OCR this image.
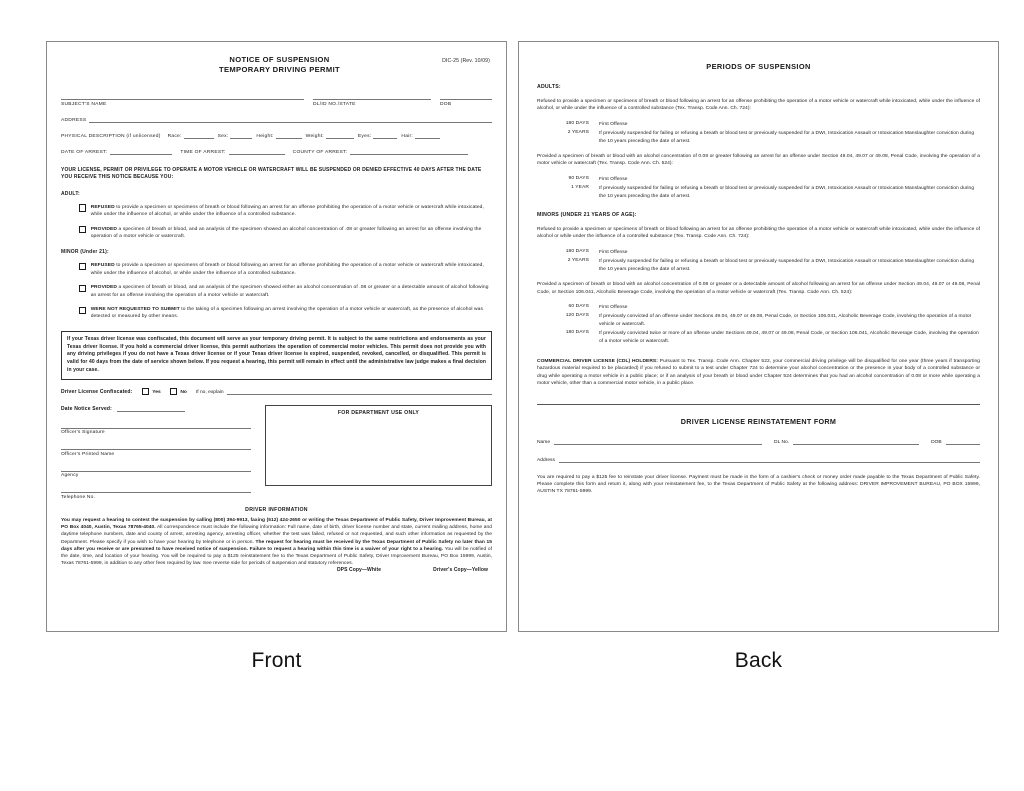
NOTICE OF SUSPENSION
TEMPORARY DRIVING PERMIT
DIC-25 (Rev. 10/09)
SUBJECT'S NAME	DL/ID NO./STATE	DOB
ADDRESS
PHYSICAL DESCRIPTION (if unlicensed) Race:	Sex:	Height:	Weight:	Eyes:	Hair:
DATE OF ARREST:	TIME OF ARREST:	COUNTY OF ARREST:
YOUR LICENSE, PERMIT OR PRIVILEGE TO OPERATE A MOTOR VEHICLE OR WATERCRAFT WILL BE SUSPENDED OR DENIED EFFECTIVE 40 DAYS AFTER THE DATE YOU RECEIVE THIS NOTICE BECAUSE YOU:
ADULT:
REFUSED to provide a specimen or specimens of breath or blood following an arrest for an offense prohibiting the operation of a motor vehicle or watercraft while intoxicated, while under the influence of alcohol, or while under the influence of a controlled substance.
PROVIDED a specimen of breath or blood, and an analysis of the specimen showed an alcohol concentration of .08 or greater following an arrest for an offense involving the operation of a motor vehicle or watercraft.
MINOR (Under 21):
REFUSED to provide a specimen or specimens of breath or blood following an arrest for an offense prohibiting the operation of a motor vehicle or watercraft while intoxicated, while under the influence of alcohol, or while under the influence of a controlled substance.
PROVIDED a specimen of breath or blood, and an analysis of the specimen showed either an alcohol concentration of .08 or greater or a detectable amount of alcohol following an arrest for an offense involving the operation of a motor vehicle or watercraft.
WERE NOT REQUESTED TO SUBMIT to the taking of a specimen following an arrest involving the operation of a motor vehicle or watercraft, as the presence of alcohol was detected or measured by other means.
If your Texas driver license was confiscated, this document will serve as your temporary driving permit. It is subject to the same restrictions and endorsements as your Texas driver license. If you hold a commercial driver license, this permit authorizes the operation of commercial motor vehicles. This permit does not provide you with any driving privileges if you do not have a Texas driver license or if your Texas driver license is expired, suspended, revoked, cancelled, or disqualified. This permit is valid for 40 days from the date of service shown below. If you request a hearing, this permit will remain in effect until the administrative law judge makes a final decision in your case.
Driver License Confiscated:	Yes	No If no, explain
Date Notice Served:
Officer's Signature
Officer's Printed Name
Agency
Telephone No.
FOR DEPARTMENT USE ONLY
DRIVER INFORMATION
You may request a hearing to contest the suspension by calling (800) 394-9913, faxing (512) 424-2650 or writing the Texas Department of Public Safety, Driver Improvement Bureau, at PO Box 4040, Austin, Texas 78765-4040. All correspondence must include the following information: Full name, date of birth, driver license number and state, current mailing address, home and daytime telephone numbers, date and county of arrest, arresting agency, arresting officer, whether the test was failed, refused or not requested, and such other information as requested by the Department. Please specify if you wish to have your hearing by telephone or in person. The request for hearing must be received by the Texas Department of Public Safety no later than 15 days after you receive or are presumed to have received notice of suspension. Failure to request a hearing within this time is a waiver of your right to a hearing. You will be notified of the date, time, and location of your hearing. You will be required to pay a $125 reinstatement fee to the Texas Department of Public Safety, Driver Improvement Bureau, PO Box 15999, Austin, Texas 78761-5999, in addition to any other fees required by law. See reverse side for periods of suspension and statutory references.
DPS Copy—White	Driver's Copy—Yellow
Front
PERIODS OF SUSPENSION
ADULTS:
Refused to provide a specimen or specimens of breath or blood following an arrest for an offense prohibiting the operation of a motor vehicle or watercraft while intoxicated, while under the influence of alcohol, or while under the influence of a controlled substance (Tex. Transp. Code Ann. Ch. 724):
180 DAYS	First Offense
2 YEARS	If previously suspended for failing or refusing a breath or blood test or previously suspended for a DWI, Intoxication Assault or Intoxication Manslaughter conviction during the 10 years preceding the date of arrest.
Provided a specimen of breath or blood with an alcohol concentration of 0.08 or greater following an arrest for an offense under Section 49.04, 49.07 or 49.08, Penal Code, involving the operation of a motor vehicle or watercraft (Tex. Transp. Code Ann. Ch. 524):
90 DAYS	First Offense
1 YEAR	If previously suspended for failing or refusing a breath or blood test or previously suspended for a DWI, Intoxication Assault or Intoxication Manslaughter conviction during the 10 years preceding the date of arrest.
MINORS (UNDER 21 YEARS OF AGE):
Refused to provide a specimen or specimens of breath or blood following an arrest for an offense prohibiting the operation of a motor vehicle or watercraft while intoxicated, while under the influence of alcohol or while under the influence of a controlled substance (Tex. Transp. Code Ann. Ch. 724):
180 DAYS	First Offense
2 YEARS	If previously suspended for failing or refusing a breath or blood test or previously suspended for a DWI, Intoxication Assault or Intoxication Manslaughter conviction during the 10 years preceding the date of arrest.
Provided a specimen of breath or blood with an alcohol concentration of 0.08 or greater or a detectable amount of alcohol following an arrest for an offense under Section 49.04, 49.07 or 49.08, Penal Code, or Section 106.041, Alcoholic Beverage Code, involving the operation of a motor vehicle or watercraft (Tex. Transp. Code Ann. Ch. 524):
60 DAYS	First Offense
120 DAYS	If previously convicted of an offense under Sections 49.04, 49.07 or 49.08, Penal Code, or Section 106.041, Alcoholic Beverage Code, involving the operation of a motor vehicle or watercraft.
180 DAYS	If previously convicted twice or more of an offense under Sections 49.04, 49.07 or 49.08, Penal Code, or Section 106.041, Alcoholic Beverage Code, involving the operation of a motor vehicle or watercraft.
COMMERCIAL DRIVER LICENSE (CDL) HOLDERS: Pursuant to Tex. Transp. Code Ann. Chapter 522, your commercial driving privilege will be disqualified for one year (three years if transporting hazardous material required to be placarded) if you refused to submit to a test under Chapter 724 to determine your alcohol concentration or the presence in your body of a controlled substance or drug while operating a motor vehicle in a public place; or if an analysis of your breath or blood under Chapter 524 determines that you had an alcohol concentration of 0.08 or more while operating a motor vehicle, other than a commercial motor vehicle, in a public place.
DRIVER LICENSE REINSTATEMENT FORM
Name	DL No.	DOB
Address
You are required to pay a $125 fee to reinstate your driver license. Payment must be made in the form of a cashier's check or money order made payable to the Texas Department of Public Safety. Please complete this form and return it, along with your reinstatement fee, to the Texas Department of Public Safety at the following address: DRIVER IMPROVEMENT BUREAU, PO BOX 15999, AUSTIN TX 78761-5999.
Back
